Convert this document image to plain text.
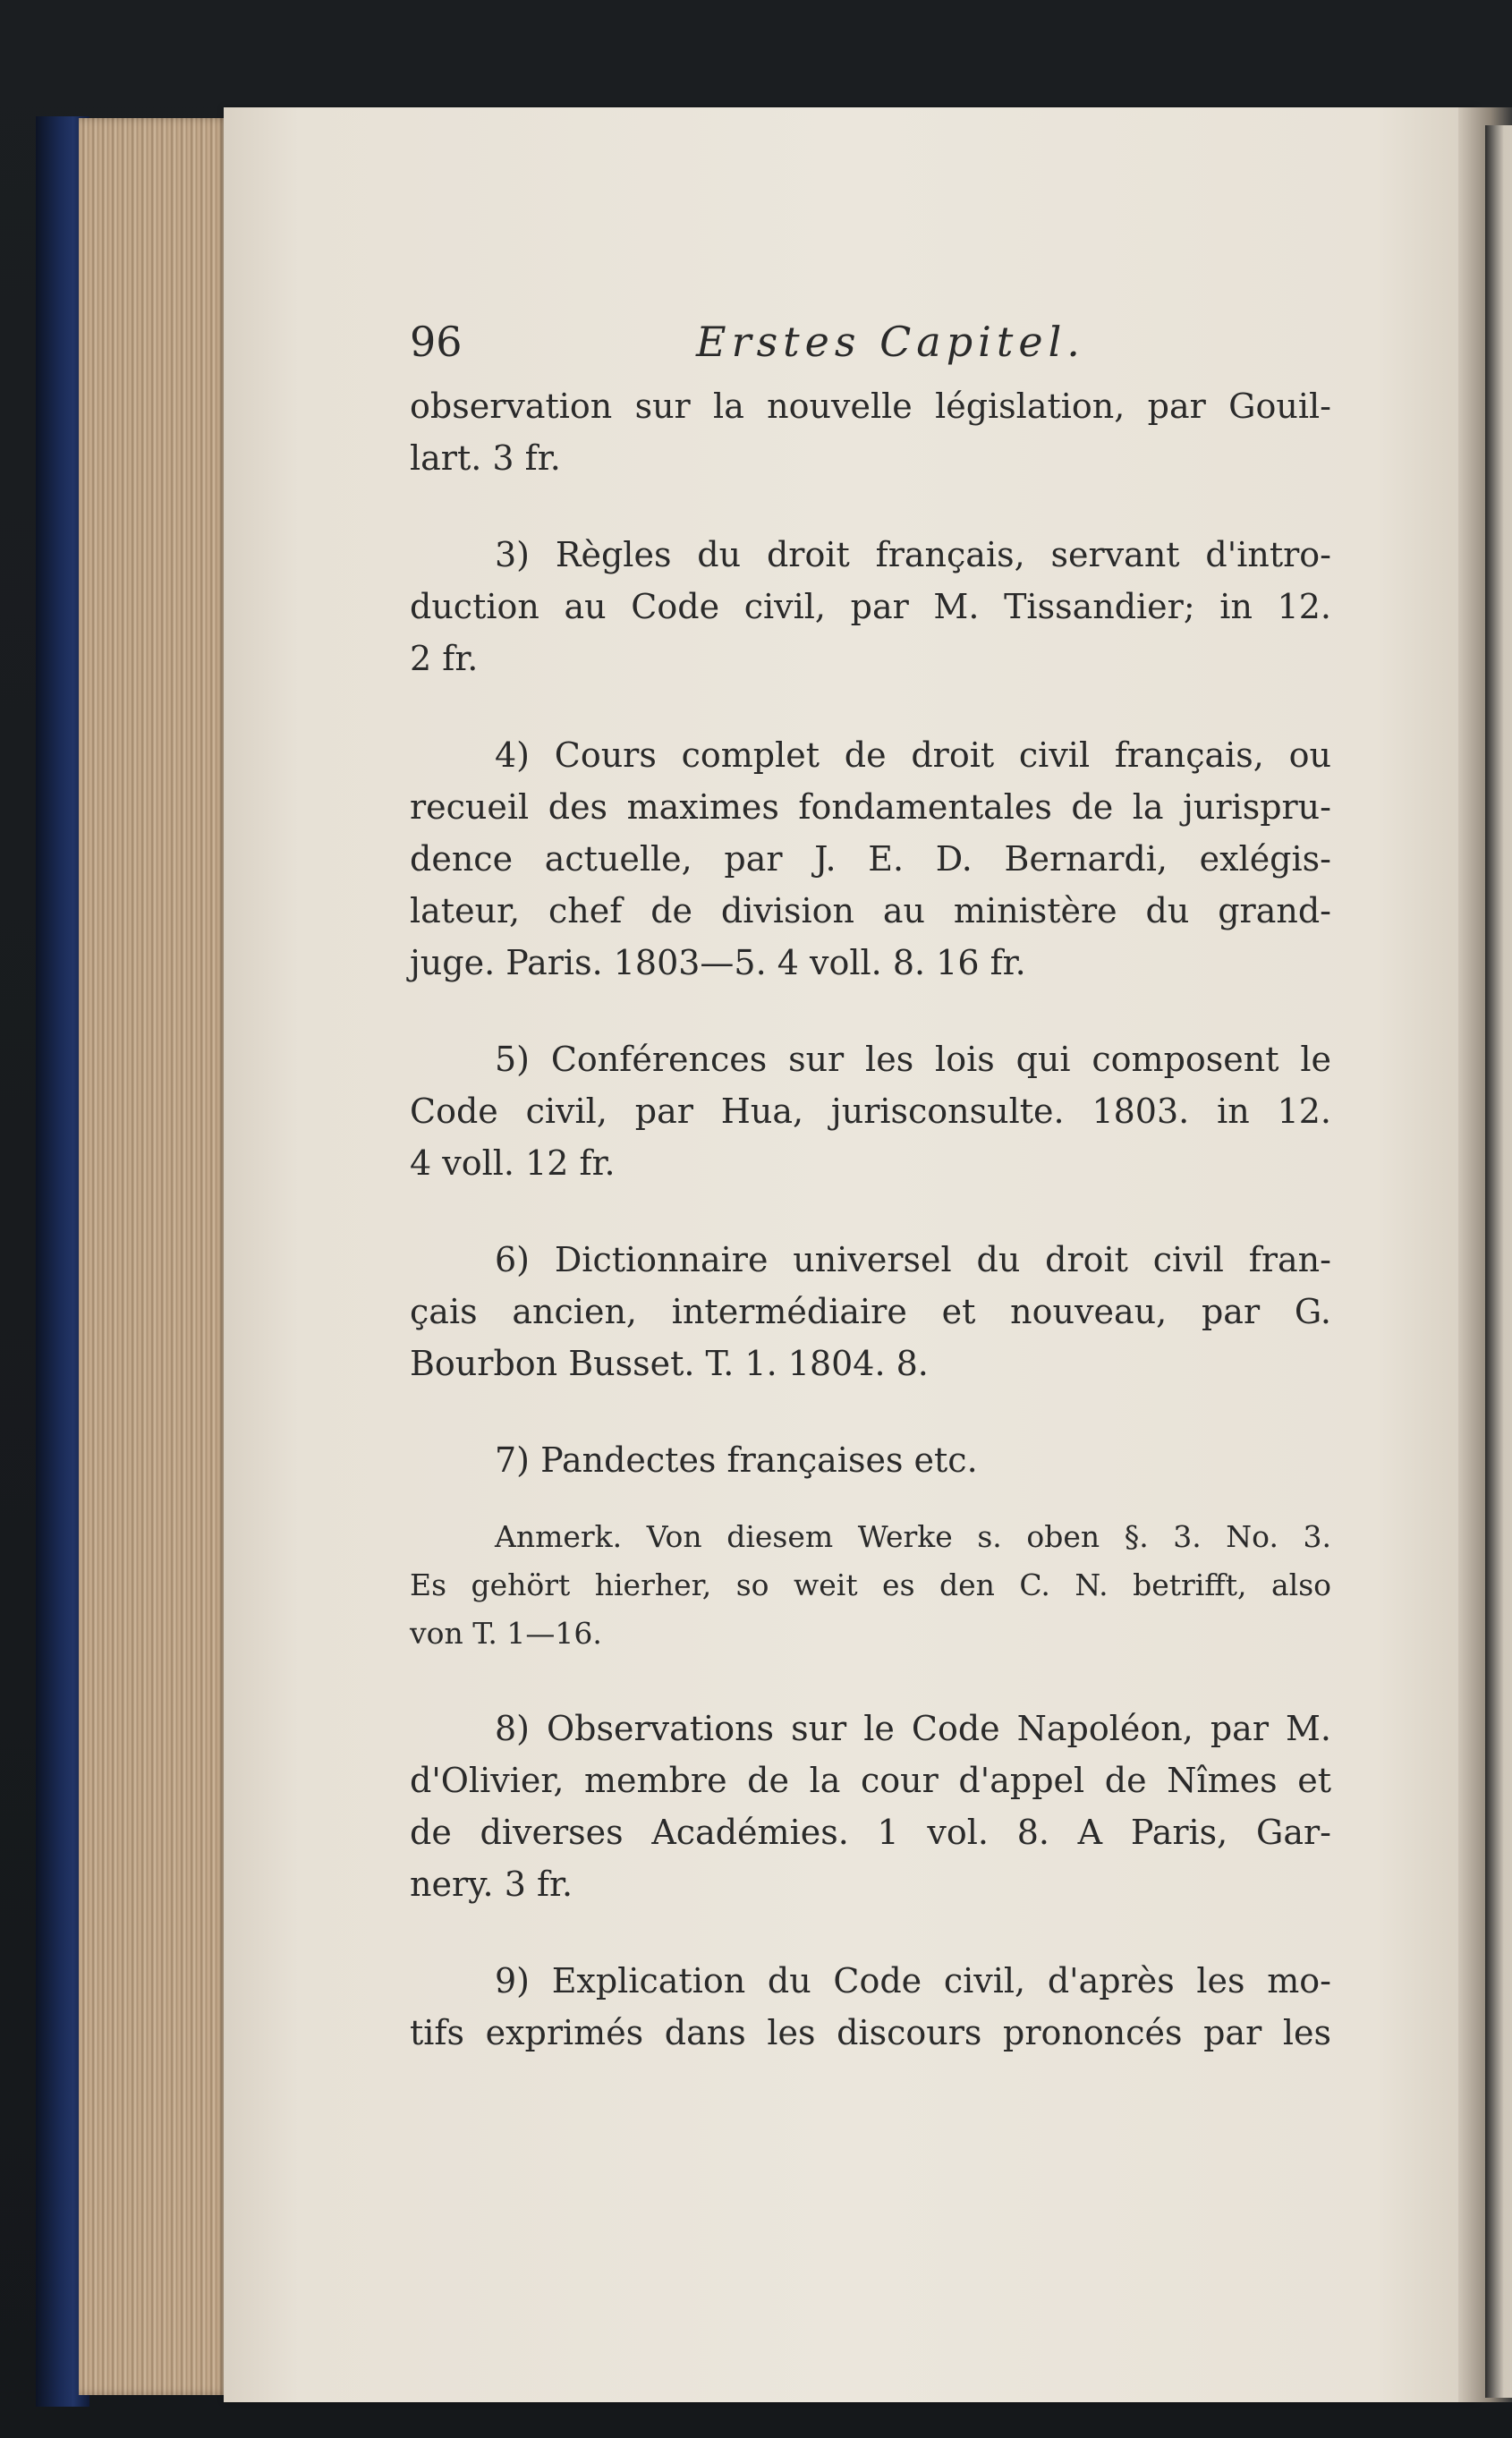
96	Erstes Capitel.
observation sur la nouvelle législation, par Gouil-
lart. 3 fr.
3) Règles du droit français, servant d'intro-
duction au Code civil, par M. Tissandier; in 12.
2 fr.
4) Cours complet de droit civil français, ou
recueil des maximes fondamentales de la jurispru-
dence actuelle, par J. E. D. Bernardi, exlégis-
lateur, chef de division au ministère du grand-
juge. Paris. 1803—5. 4 voll. 8. 16 fr.
5) Conférences sur les lois qui composent le
Code civil, par Hua, jurisconsulte. 1803. in 12.
4 voll. 12 fr.
6) Dictionnaire universel du droit civil fran-
çais ancien, intermédiaire et nouveau, par G.
Bourbon Busset. T. 1. 1804. 8.
7) Pandectes françaises etc.
Anmerk. Von diesem Werke s. oben §. 3. No. 3.
Es gehört hierher, so weit es den C. N. betrifft, also
von T. 1—16.
8) Observations sur le Code Napoléon, par M.
d'Olivier, membre de la cour d'appel de Nîmes et
de diverses Académies. 1 vol. 8. A Paris, Gar-
nery. 3 fr.
9) Explication du Code civil, d'après les mo-
tifs exprimés dans les discours prononcés par les
